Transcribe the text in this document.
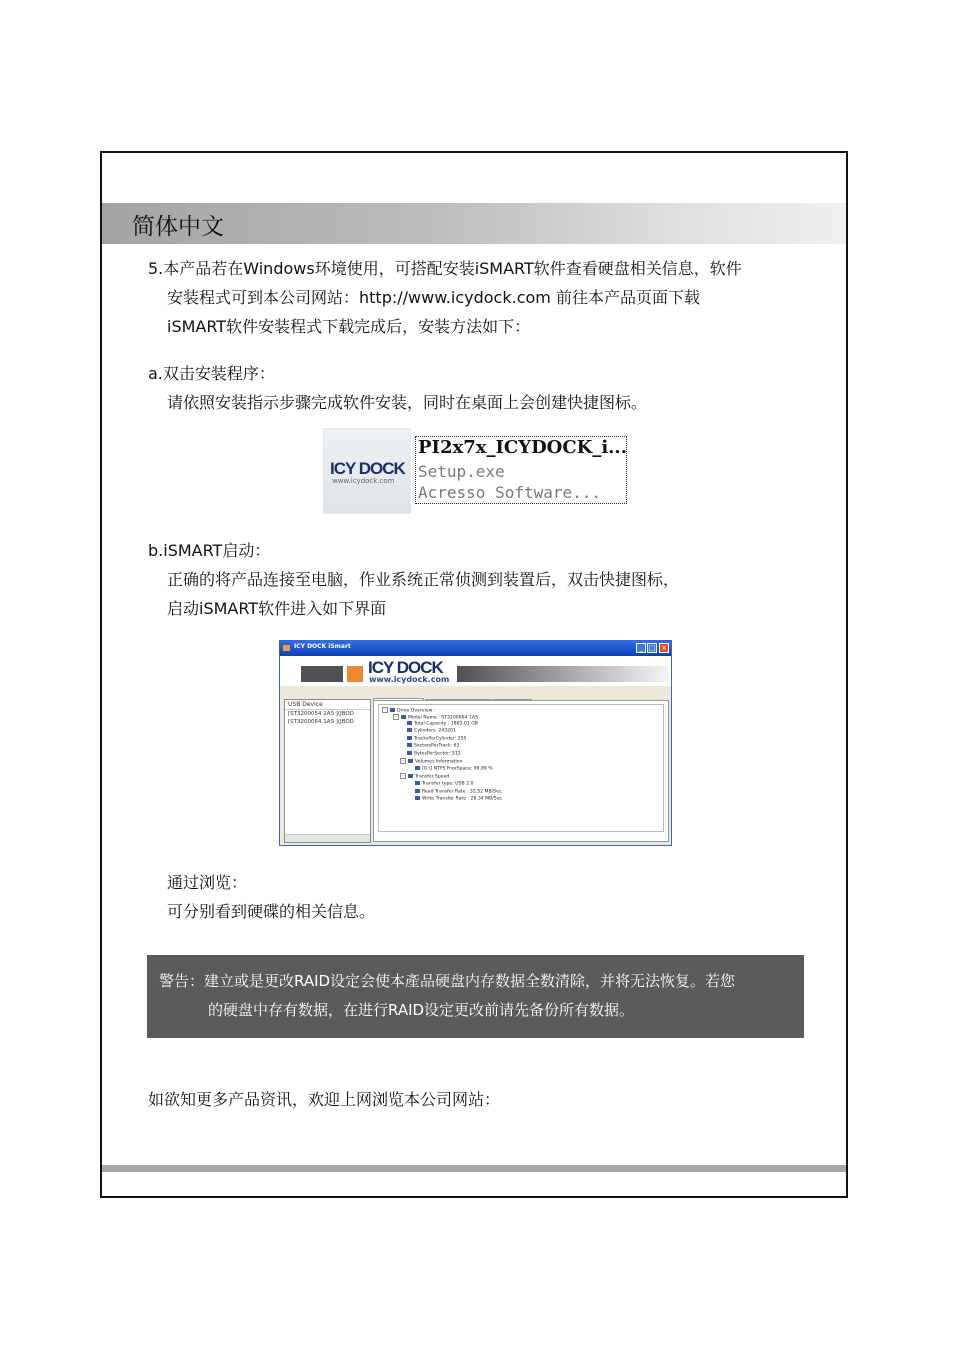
简体中文
5.本产品若在Windows环境使用，可搭配安装iSMART软件查看硬盘相关信息，软件
安装程式可到本公司网站：http://www.icydock.com 前往本产品页面下载
iSMART软件安装程式下载完成后，安装方法如下：
a.双击安装程序：
请依照安装指示步骤完成软件安装，同时在桌面上会创建快捷图标。
ICY DOCK
www.icydock.com
PI2x7x_ICYDOCK_i...
Setup.exe
Acresso Software...
b.iSMART启动：
正确的将产品连接至电脑，作业系统正常侦测到装置后，双击快捷图标，
启动iSMART软件进入如下界面
ICY DOCK iSmart	_ □ ×
ICY DOCK
www.icydock.com
USB Device
[ST3200054 2AS ](JBOD
[ST3200064 1AS ](JBOD
- Drive Overview :
- Model Name : ST3200064 1AS
Total Capacity : 1863.01 GB
Cylinders: 243201
TracksPerCylinder: 255
SectorsPerTrack: 63
BytesPerSector: 512
- Volumes Information
[G:\] NTFS FreeSpace: 99.89 %
- Transfer Speed
Transfer type: USB 2.0
Read Transfer Rate : 32.52 MB/Sec.
Write Transfer Rate : 28.34 MB/Sec.
通过浏览：
可分别看到硬碟的相关信息。
警告：建立或是更改RAID设定会使本產品硬盘内存数据全数清除，并将无法恢复。若您
的硬盘中存有数据，在进行RAID设定更改前请先备份所有数据。
如欲知更多产品资讯，欢迎上网浏览本公司网站：
